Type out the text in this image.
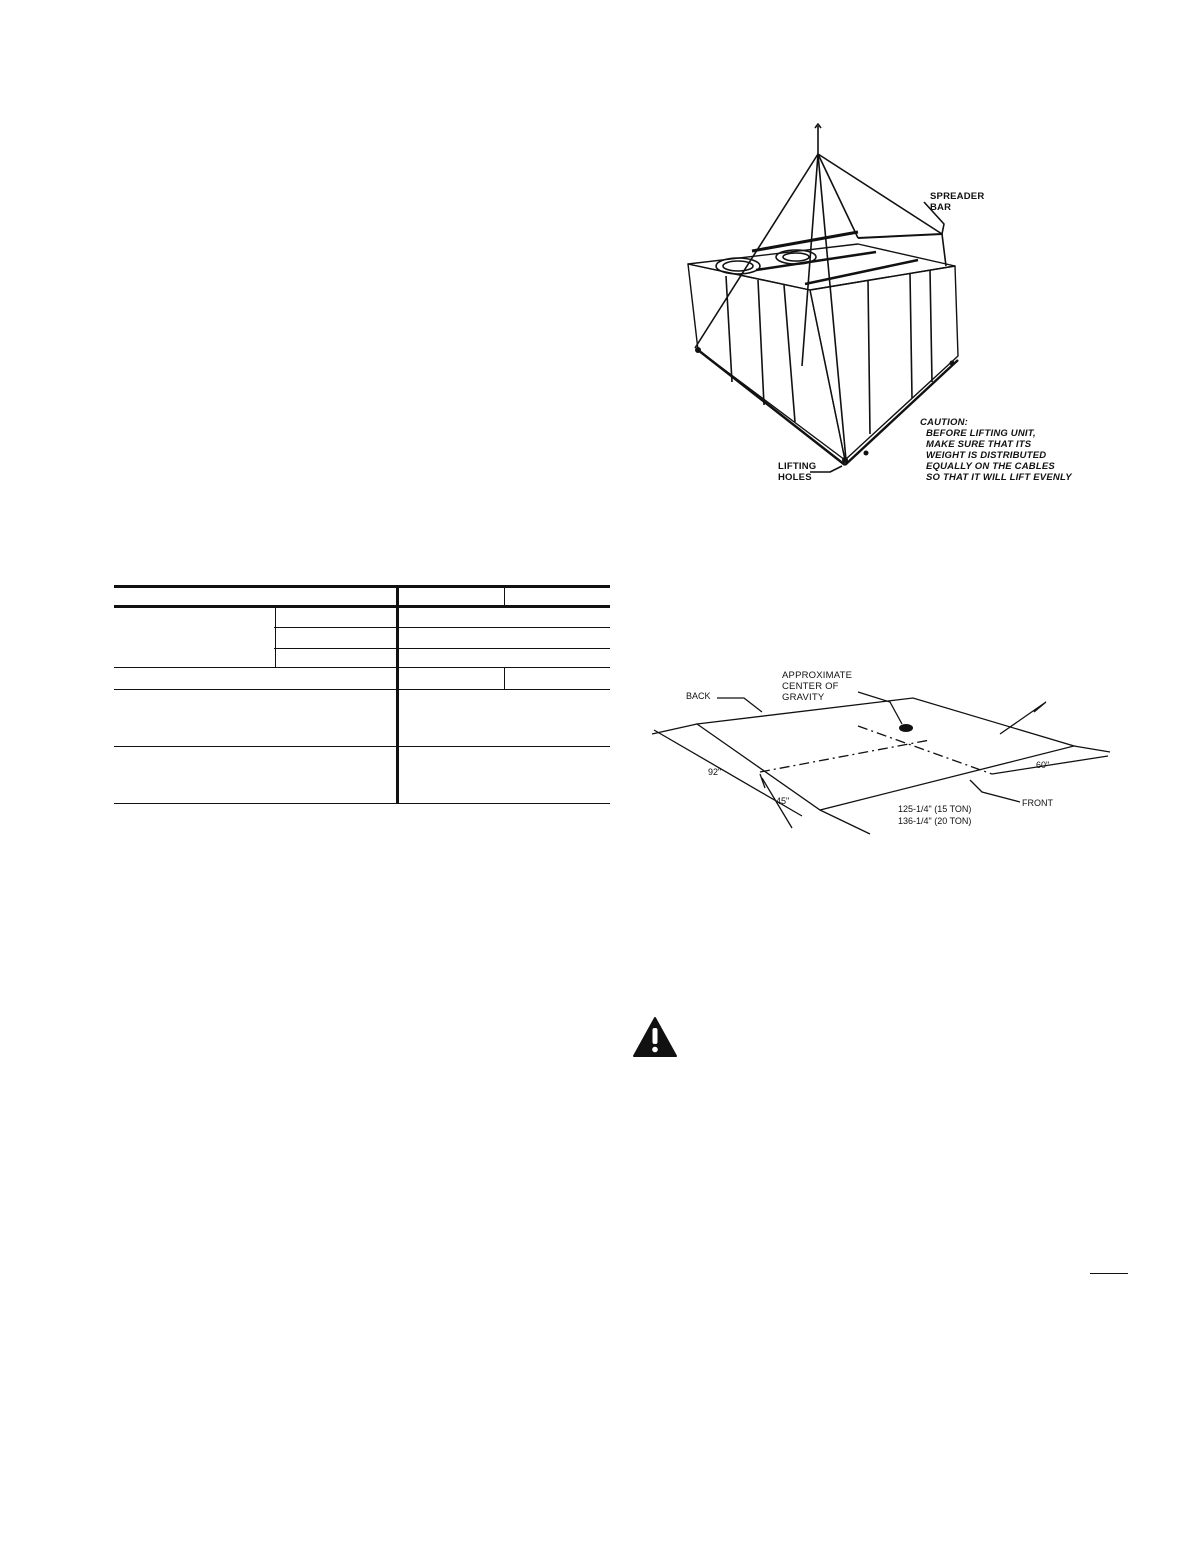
SPREADER
BAR
LIFTING
HOLES
CAUTION:
BEFORE LIFTING UNIT,
MAKE SURE THAT ITS
WEIGHT IS DISTRIBUTED
EQUALLY ON THE CABLES
SO THAT IT WILL LIFT EVENLY
APPROXIMATE
CENTER OF
GRAVITY
BACK
FRONT
92"
45"
60"
125-1/4" (15 TON)
136-1/4" (20 TON)
